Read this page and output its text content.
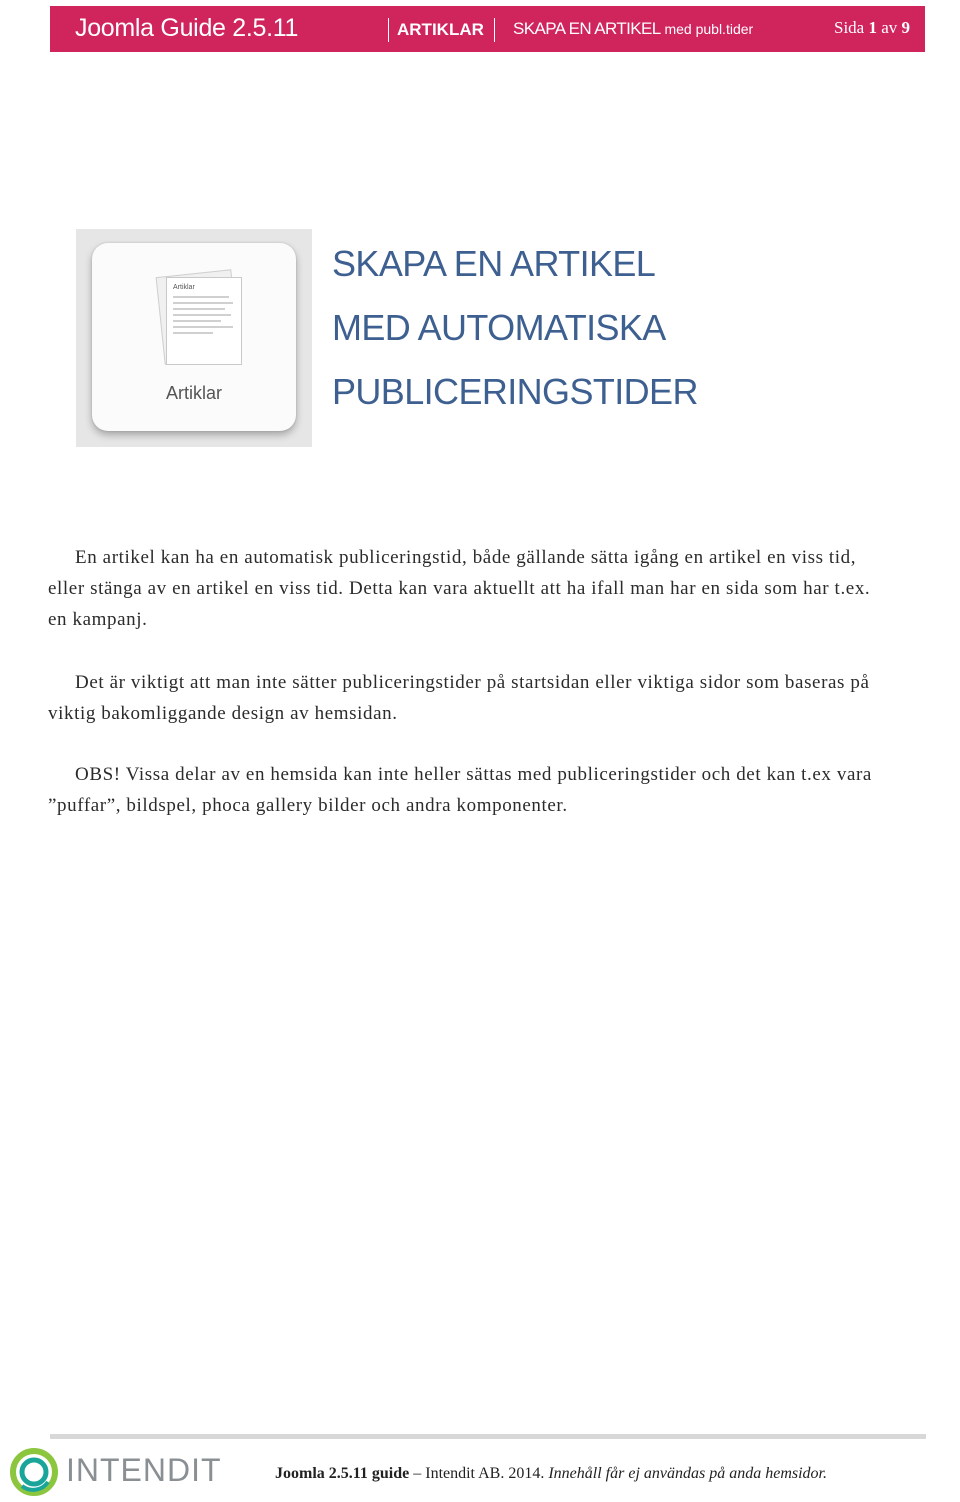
Joomla Guide 2.5.11	ARTIKLAR SKAPA EN ARTIKEL med publ.tider	Sida 1 av 9
Artiklar
Artiklar
SKAPA EN ARTIKEL
MED AUTOMATISKA
PUBLICERINGSTIDER

En artikel kan ha en automatisk publiceringstid, både gällande sätta igång en artikel en viss tid, eller stänga av en artikel en viss tid. Detta kan vara aktuellt att ha ifall man har en sida som har t.ex. en kampanj.

Det är viktigt att man inte sätter publiceringstider på startsidan eller viktiga sidor som baseras på viktig bakomliggande design av hemsidan.

OBS! Vissa delar av en hemsida kan inte heller sättas med publiceringstider och det kan t.ex vara ”puffar”, bildspel, phoca gallery bilder och andra komponenter.

INTENDIT	Joomla 2.5.11 guide – Intendit AB. 2014. Innehåll får ej användas på anda hemsidor.
